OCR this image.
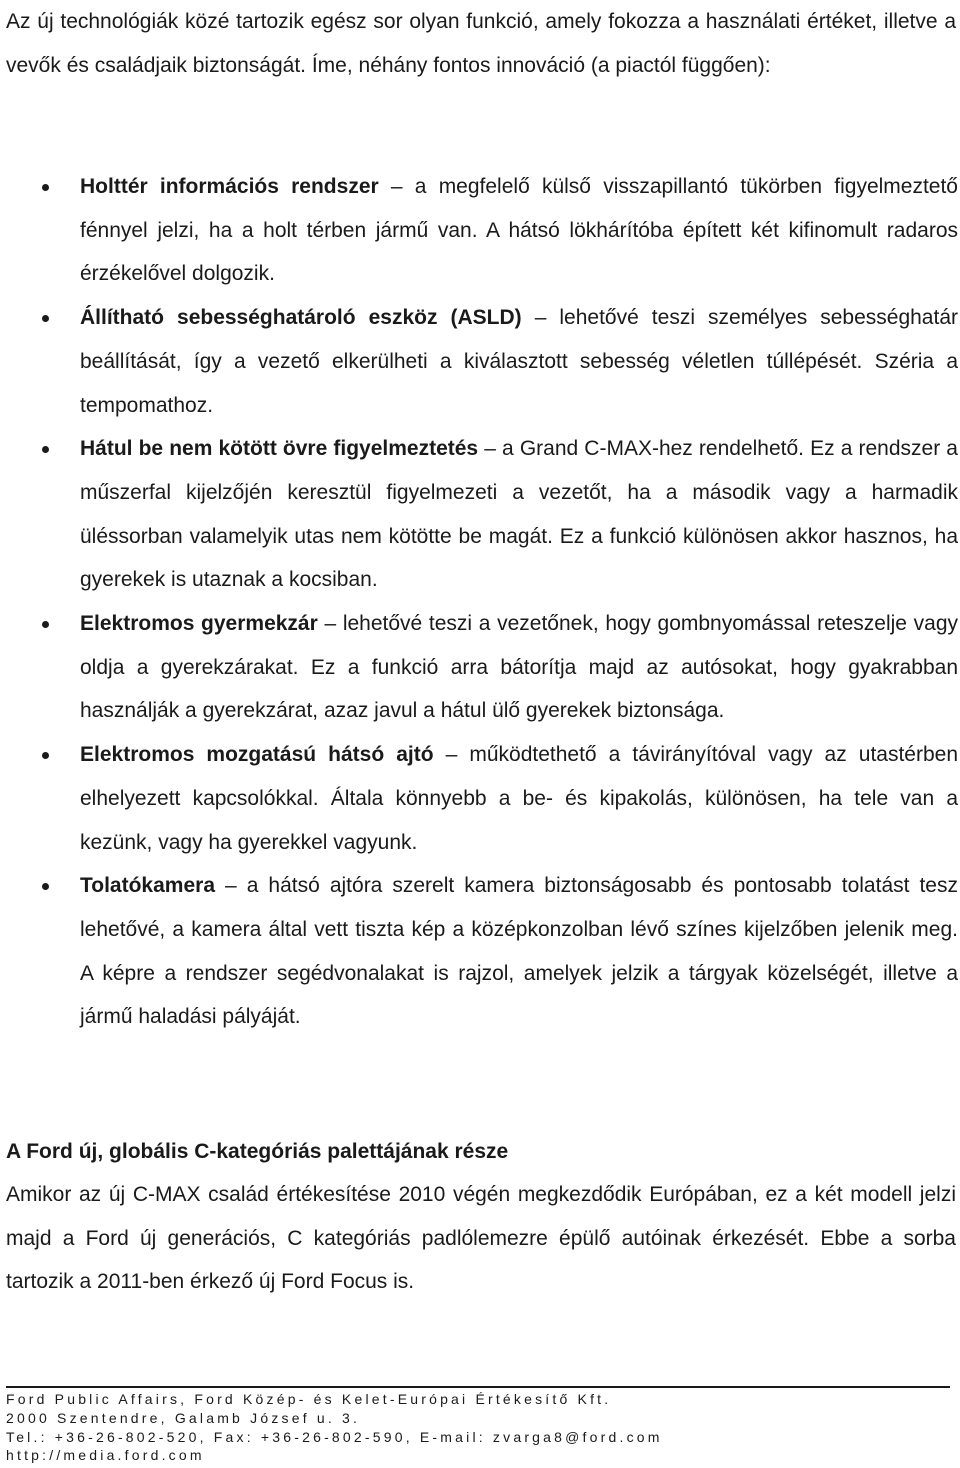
Az új technológiák közé tartozik egész sor olyan funkció, amely fokozza a használati értéket, illetve a vevők és családjaik biztonságát. Íme, néhány fontos innováció (a piactól függően):

Holttér információs rendszer – a megfelelő külső visszapillantó tükörben figyelmeztető fénnyel jelzi, ha a holt térben jármű van. A hátsó lökhárítóba épített két kifinomult radaros érzékelővel dolgozik.
Állítható sebességhatároló eszköz (ASLD) – lehetővé teszi személyes sebességhatár beállítását, így a vezető elkerülheti a kiválasztott sebesség véletlen túllépését. Széria a tempomathoz.
Hátul be nem kötött övre figyelmeztetés – a Grand C-MAX-hez rendelhető. Ez a rendszer a műszerfal kijelzőjén keresztül figyelmezeti a vezetőt, ha a második vagy a harmadik üléssorban valamelyik utas nem kötötte be magát. Ez a funkció különösen akkor hasznos, ha gyerekek is utaznak a kocsiban.
Elektromos gyermekzár – lehetővé teszi a vezetőnek, hogy gombnyomással reteszelje vagy oldja a gyerekzárakat. Ez a funkció arra bátorítja majd az autósokat, hogy gyakrabban használják a gyerekzárat, azaz javul a hátul ülő gyerekek biztonsága.
Elektromos mozgatású hátsó ajtó – működtethető a távirányítóval vagy az utastérben elhelyezett kapcsolókkal. Általa könnyebb a be- és kipakolás, különösen, ha tele van a kezünk, vagy ha gyerekkel vagyunk.
Tolatókamera – a hátsó ajtóra szerelt kamera biztonságosabb és pontosabb tolatást tesz lehetővé, a kamera által vett tiszta kép a középkonzolban lévő színes kijelzőben jelenik meg. A képre a rendszer segédvonalakat is rajzol, amelyek jelzik a tárgyak közelségét, illetve a jármű haladási pályáját.
A Ford új, globális C-kategóriás palettájának része

Amikor az új C-MAX család értékesítése 2010 végén megkezdődik Európában, ez a két modell jelzi majd a Ford új generációs, C kategóriás padlólemezre épülő autóinak érkezését. Ebbe a sorba tartozik a 2011-ben érkező új Ford Focus is.

Ford Public Affairs, Ford Közép- és Kelet-Európai Értékesítő Kft.
2000 Szentendre, Galamb József u. 3.
Tel.: +36-26-802-520, Fax: +36-26-802-590, E-mail: zvarga8@ford.com
http://media.ford.com
